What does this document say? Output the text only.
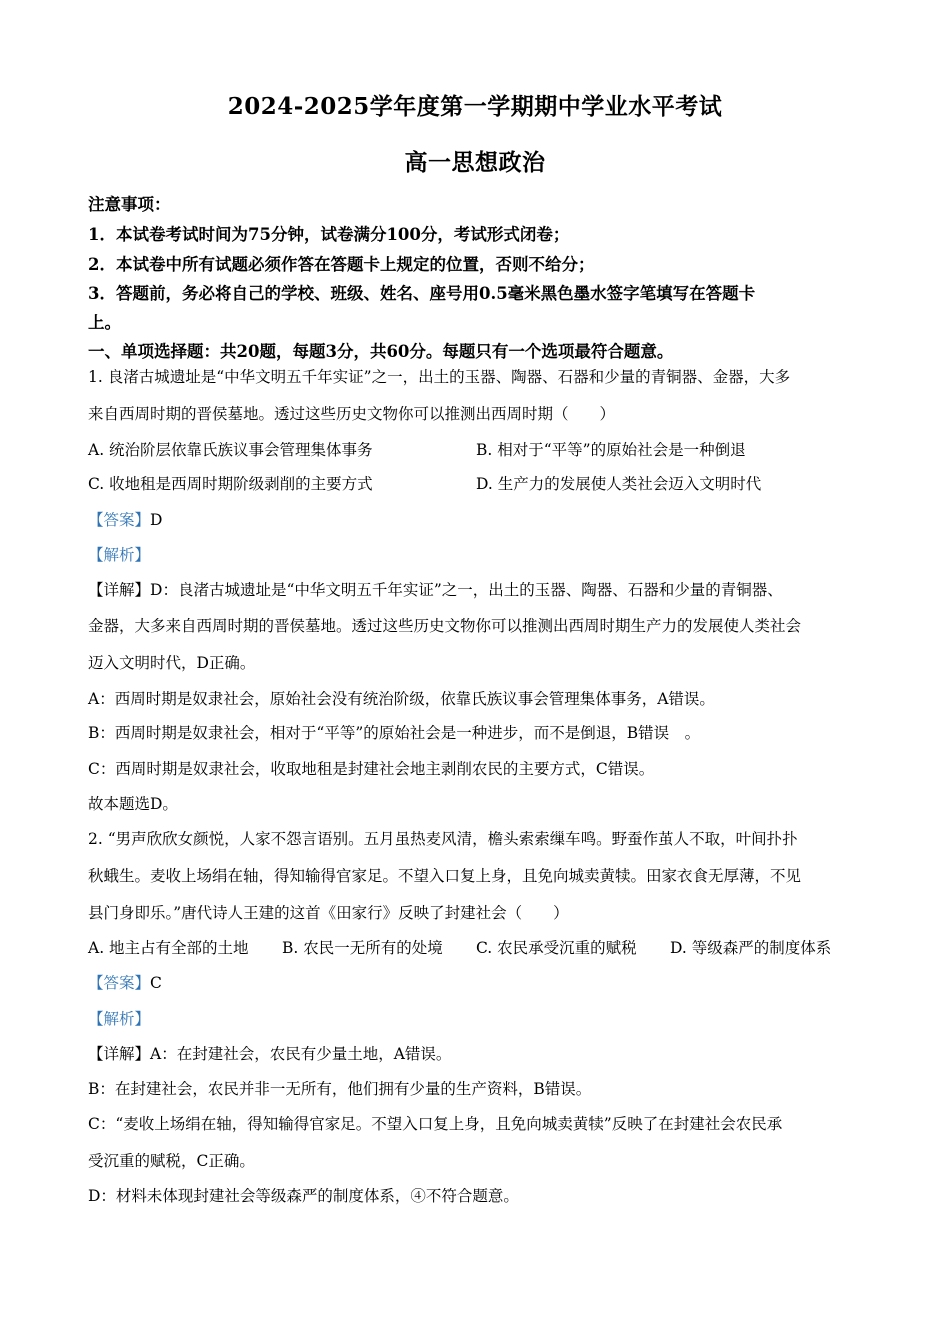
2024-2025学年度第一学期期中学业水平考试
高一思想政治
注意事项：
1．本试卷考试时间为75分钟，试卷满分100分，考试形式闭卷；
2．本试卷中所有试题必须作答在答题卡上规定的位置，否则不给分；
3．答题前，务必将自己的学校、班级、姓名、座号用0.5毫米黑色墨水签字笔填写在答题卡
上。
一、单项选择题：共20题，每题3分，共60分。每题只有一个选项最符合题意。
1. 良渚古城遗址是“中华文明五千年实证”之一，出土的玉器、陶器、石器和少量的青铜器、金器，大多
来自西周时期的晋侯墓地。透过这些历史文物你可以推测出西周时期（　　）
A. 统治阶层依靠氏族议事会管理集体事务	B. 相对于“平等”的原始社会是一种倒退
C. 收地租是西周时期阶级剥削的主要方式	D. 生产力的发展使人类社会迈入文明时代
【答案】D
【解析】
【详解】D：良渚古城遗址是“中华文明五千年实证”之一，出土的玉器、陶器、石器和少量的青铜器、
金器，大多来自西周时期的晋侯墓地。透过这些历史文物你可以推测出西周时期生产力的发展使人类社会
迈入文明时代，D正确。
A：西周时期是奴隶社会，原始社会没有统治阶级，依靠氏族议事会管理集体事务，A错误。
B：西周时期是奴隶社会，相对于“平等”的原始社会是一种进步，而不是倒退，B错误　。
C：西周时期是奴隶社会，收取地租是封建社会地主剥削农民的主要方式，C错误。
故本题选D。
2. “男声欣欣女颜悦，人家不怨言语别。五月虽热麦风清，檐头索索缫车鸣。野蚕作茧人不取，叶间扑扑
秋蛾生。麦收上场绢在轴，得知输得官家足。不望入口复上身，且免向城卖黄犊。田家衣食无厚薄，不见
县门身即乐。”唐代诗人王建的这首《田家行》反映了封建社会（　　）
A. 地主占有全部的土地 B. 农民一无所有的处境 C. 农民承受沉重的赋税 D. 等级森严的制度体系
【答案】C
【解析】
【详解】A：在封建社会，农民有少量土地，A错误。
B：在封建社会，农民并非一无所有，他们拥有少量的生产资料，B错误。
C：“麦收上场绢在轴，得知输得官家足。不望入口复上身，且免向城卖黄犊”反映了在封建社会农民承
受沉重的赋税，C正确。
D：材料未体现封建社会等级森严的制度体系，④不符合题意。
